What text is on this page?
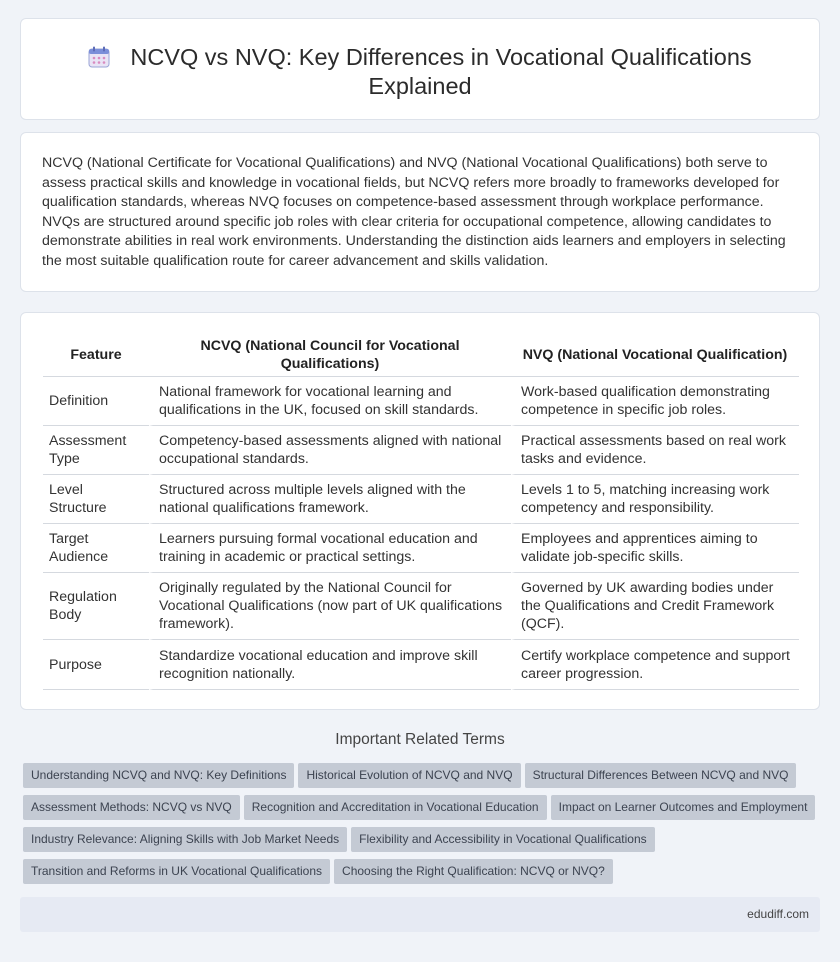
NCVQ vs NVQ: Key Differences in Vocational Qualifications Explained

NCVQ (National Certificate for Vocational Qualifications) and NVQ (National Vocational Qualifications) both serve to assess practical skills and knowledge in vocational fields, but NCVQ refers more broadly to frameworks developed for qualification standards, whereas NVQ focuses on competence-based assessment through workplace performance. NVQs are structured around specific job roles with clear criteria for occupational competence, allowing candidates to demonstrate abilities in real work environments. Understanding the distinction aids learners and employers in selecting the most suitable qualification route for career advancement and skills validation.

Feature	NCVQ (National Council for Vocational Qualifications)	NVQ (National Vocational Qualification)
Definition	National framework for vocational learning and qualifications in the UK, focused on skill standards.	Work-based qualification demonstrating competence in specific job roles.
Assessment Type	Competency-based assessments aligned with national occupational standards.	Practical assessments based on real work tasks and evidence.
Level Structure	Structured across multiple levels aligned with the national qualifications framework.	Levels 1 to 5, matching increasing work competency and responsibility.
Target Audience	Learners pursuing formal vocational education and training in academic or practical settings.	Employees and apprentices aiming to validate job-specific skills.
Regulation Body	Originally regulated by the National Council for Vocational Qualifications (now part of UK qualifications framework).	Governed by UK awarding bodies under the Qualifications and Credit Framework (QCF).
Purpose	Standardize vocational education and improve skill recognition nationally.	Certify workplace competence and support career progression.
Important Related Terms
Understanding NCVQ and NVQ: Key Definitions Historical Evolution of NCVQ and NVQ Structural Differences Between NCVQ and NVQ
Assessment Methods: NCVQ vs NVQ Recognition and Accreditation in Vocational Education Impact on Learner Outcomes and Employment
Industry Relevance: Aligning Skills with Job Market Needs Flexibility and Accessibility in Vocational Qualifications
Transition and Reforms in UK Vocational Qualifications Choosing the Right Qualification: NCVQ or NVQ?
edudiff.com
